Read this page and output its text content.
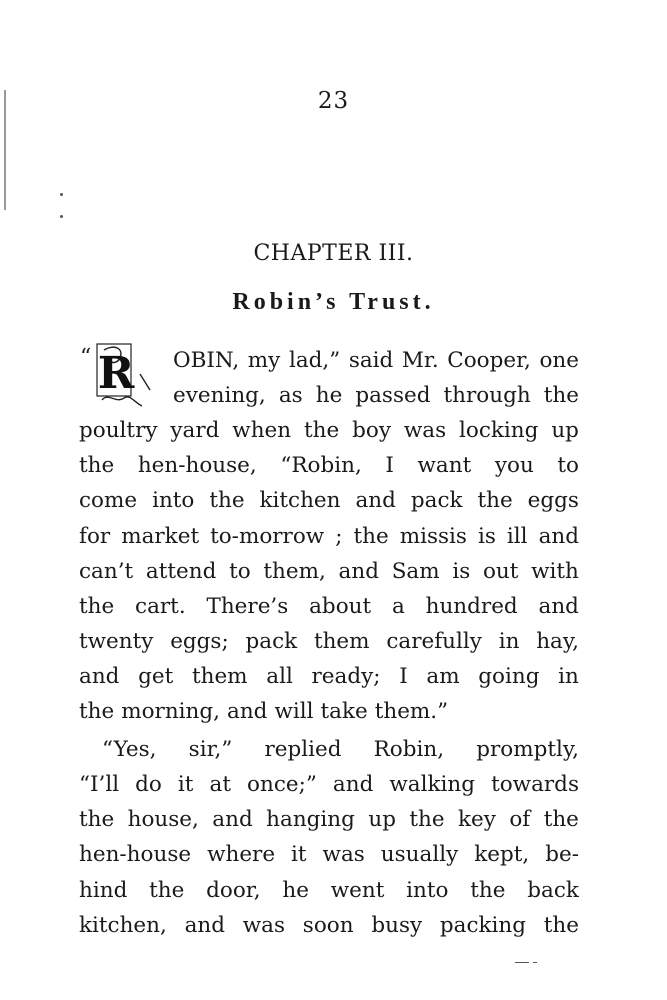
23
CHAPTER III.
Robin’s Trust.
“ R OBIN, my lad,” said Mr. Cooper, one
evening, as he passed through the
poultry yard when the boy was locking up
the hen-house, “Robin, I want you to
come into the kitchen and pack the eggs
for market to-morrow ; the missis is ill and
can’t attend to them, and Sam is out with
the cart. There’s about a hundred and
twenty eggs; pack them carefully in hay,
and get them all ready; I am going in
the morning, and will take them.”
“Yes, sir,” replied Robin, promptly,
“I’ll do it at once;” and walking towards
the house, and hanging up the key of the
hen-house where it was usually kept, be-
hind the door, he went into the back
kitchen, and was soon busy packing the
